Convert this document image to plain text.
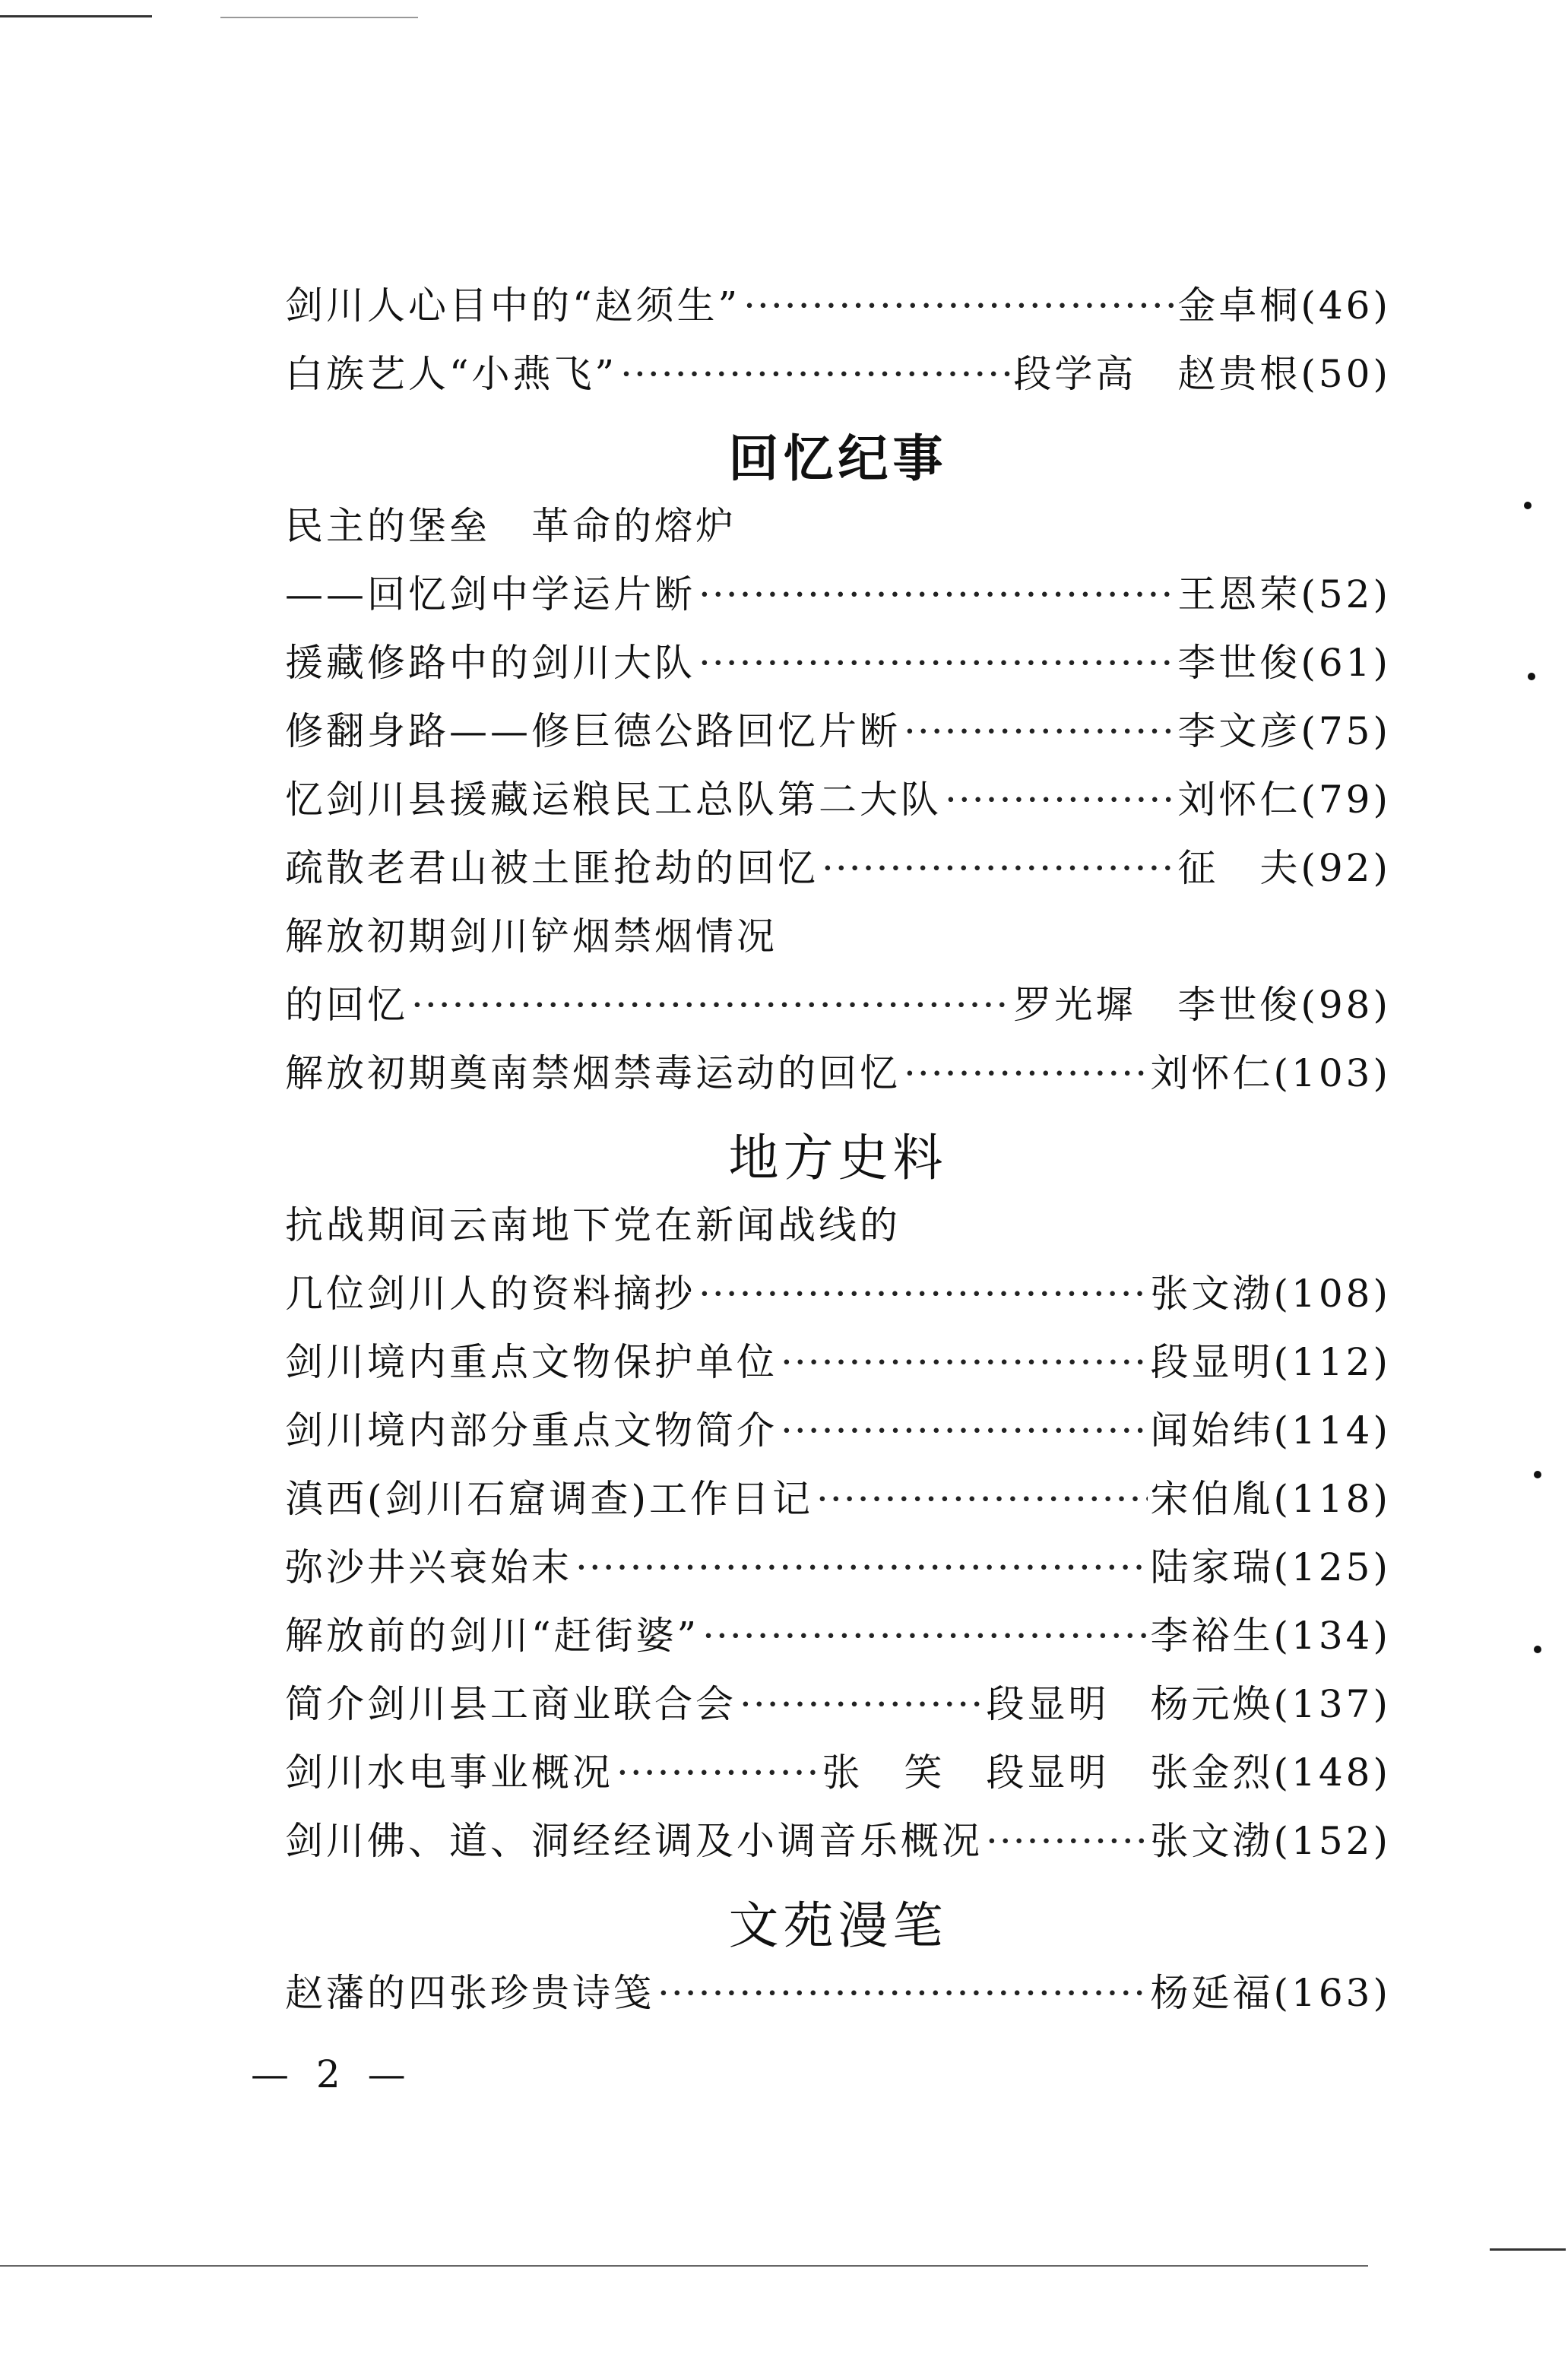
剑川人心目中的“赵须生” ·····	金卓桐 (46)
白族艺人“小燕飞” ·····	段学高　赵贵根 (50)
回忆纪事
民主的堡垒　革命的熔炉
——回忆剑中学运片断 ·····	王恩荣 (52)
援藏修路中的剑川大队 ·····	李世俊 (61)
修翻身路——修巨德公路回忆片断 ·····	李文彦 (75)
忆剑川县援藏运粮民工总队第二大队 ·····	刘怀仁 (79)
疏散老君山被土匪抢劫的回忆 ·····	征　夫 (92)
解放初期剑川铲烟禁烟情况
的回忆 ·····	罗光墀　李世俊 (98)
解放初期奠南禁烟禁毒运动的回忆 ·····	刘怀仁 (103)
地方史料
抗战期间云南地下党在新闻战线的
几位剑川人的资料摘抄 ·····	张文渤 (108)
剑川境内重点文物保护单位 ·····	段显明 (112)
剑川境内部分重点文物简介 ·····	闻始纬 (114)
滇西(剑川石窟调查)工作日记 ·····	宋伯胤 (118)
弥沙井兴衰始末 ·····	陆家瑞 (125)
解放前的剑川“赶街婆” ·····	李裕生 (134)
简介剑川县工商业联合会 ·····	段显明　杨元焕 (137)
剑川水电事业概况 ·····	张　笑　段显明　张金烈 (148)
剑川佛、道、洞经经调及小调音乐概况 ·····	张文渤 (152)
文苑漫笔
赵藩的四张珍贵诗笺 ·····	杨延福 (163)
— 2 —
